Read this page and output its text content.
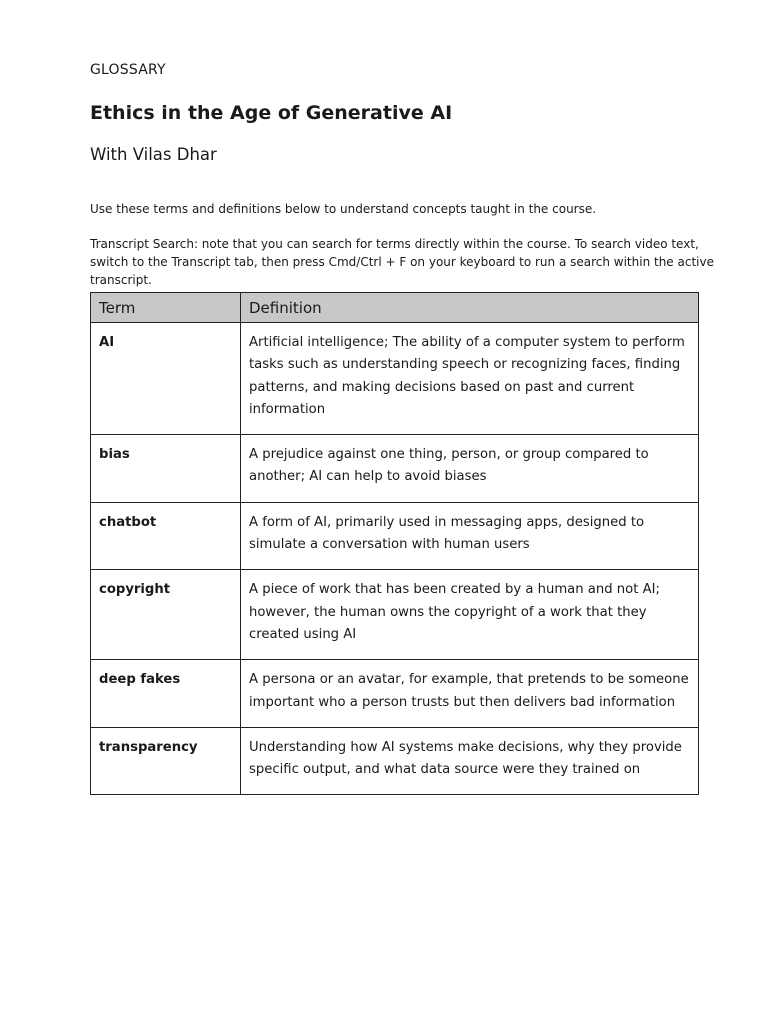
GLOSSARY
Ethics in the Age of Generative AI
With Vilas Dhar
Use these terms and definitions below to understand concepts taught in the course.
Transcript Search: note that you can search for terms directly within the course. To search video text, switch to the Transcript tab, then press Cmd/Ctrl + F on your keyboard to run a search within the active transcript.
Term	Definition
AI	Artificial intelligence; The ability of a computer system to perform tasks such as understanding speech or recognizing faces, finding patterns, and making decisions based on past and current information
bias	A prejudice against one thing, person, or group compared to another; AI can help to avoid biases
chatbot	A form of AI, primarily used in messaging apps, designed to simulate a conversation with human users
copyright	A piece of work that has been created by a human and not AI; however, the human owns the copyright of a work that they created using AI
deep fakes	A persona or an avatar, for example, that pretends to be someone important who a person trusts but then delivers bad information
transparency	Understanding how AI systems make decisions, why they provide specific output, and what data source were they trained on
